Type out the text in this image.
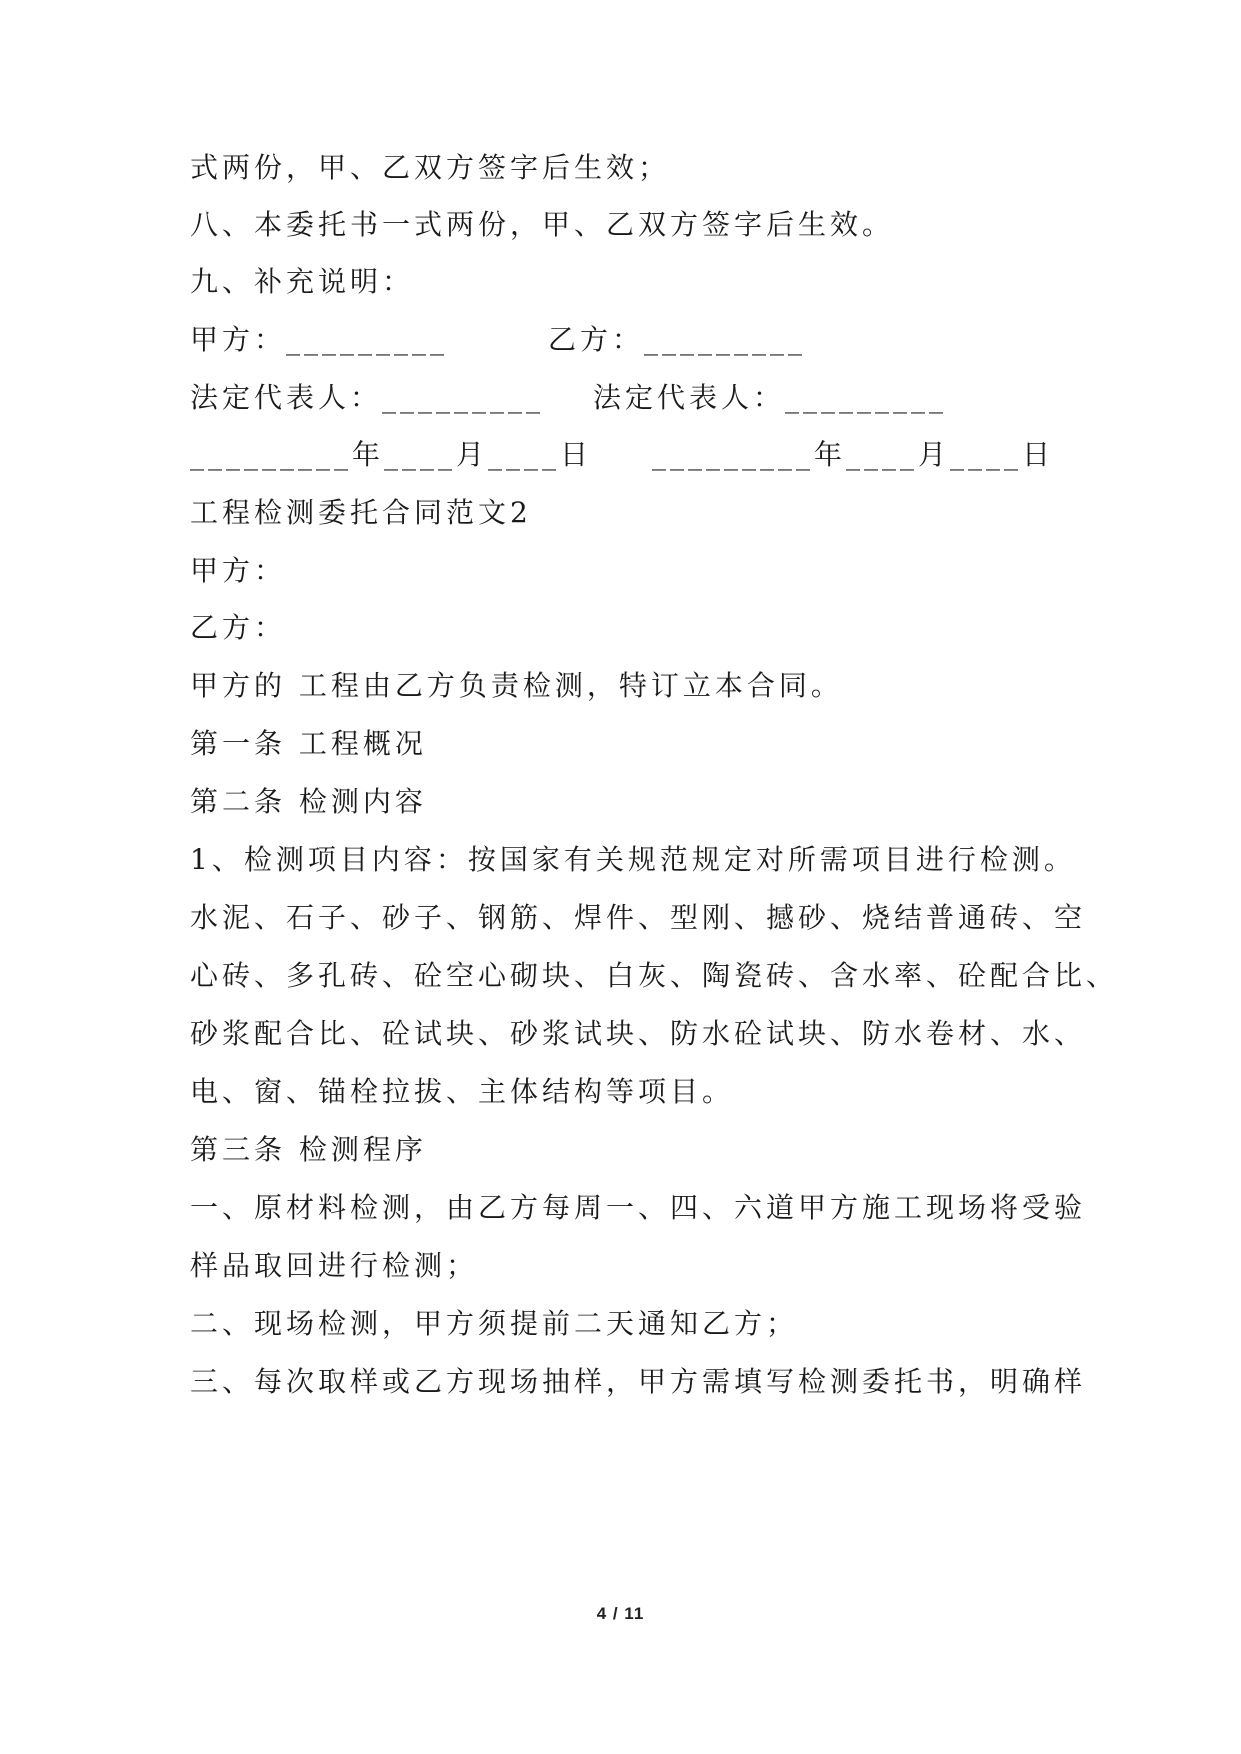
式两份，甲、乙双方签字后生效；
八、本委托书一式两份，甲、乙双方签字后生效。
九、补充说明：
甲方：_________	乙方：_________
法定代表人：_________ 法定代表人：_________
_________年____月____日 _________年____月____日
工程检测委托合同范文2
甲方：
乙方：
甲方的 工程由乙方负责检测，特订立本合同。
第一条 工程概况
第二条 检测内容
1、检测项目内容：按国家有关规范规定对所需项目进行检测。
水泥、石子、砂子、钢筋、焊件、型刚、撼砂、烧结普通砖、空
心砖、多孔砖、砼空心砌块、白灰、陶瓷砖、含水率、砼配合比、
砂浆配合比、砼试块、砂浆试块、防水砼试块、防水卷材、水、
电、窗、锚栓拉拔、主体结构等项目。
第三条 检测程序
一、原材料检测，由乙方每周一、四、六道甲方施工现场将受验
样品取回进行检测；
二、现场检测，甲方须提前二天通知乙方；
三、每次取样或乙方现场抽样，甲方需填写检测委托书，明确样
4 / 11
